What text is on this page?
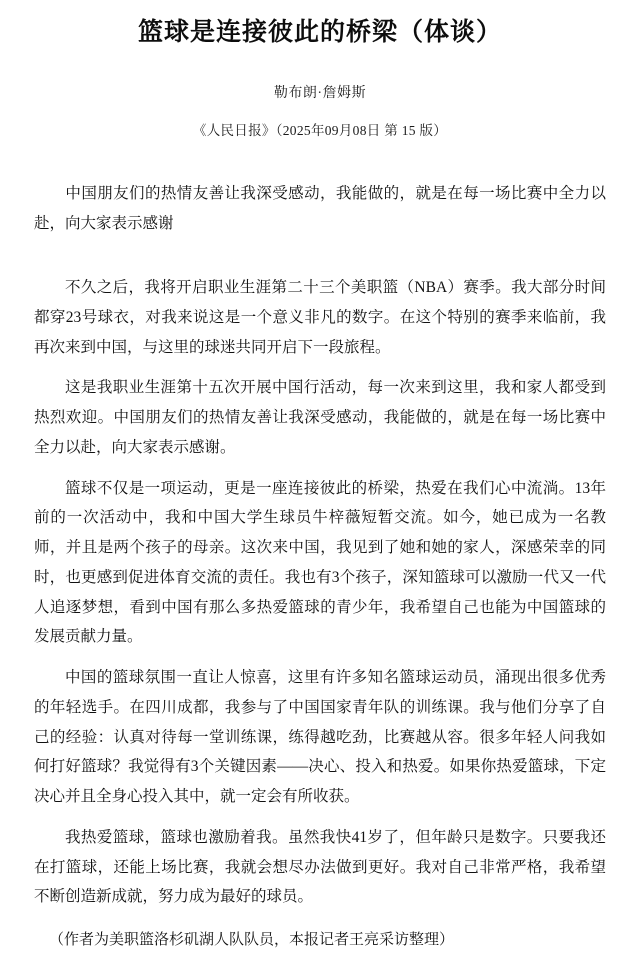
篮球是连接彼此的桥梁（体谈）
勒布朗·詹姆斯
《人民日报》（2025年09月08日 第 15 版）
中国朋友们的热情友善让我深受感动，我能做的，就是在每一场比赛中全力以赴，向大家表示感谢

不久之后，我将开启职业生涯第二十三个美职篮（NBA）赛季。我大部分时间都穿23号球衣，对我来说这是一个意义非凡的数字。在这个特别的赛季来临前，我再次来到中国，与这里的球迷共同开启下一段旅程。

这是我职业生涯第十五次开展中国行活动，每一次来到这里，我和家人都受到热烈欢迎。中国朋友们的热情友善让我深受感动，我能做的，就是在每一场比赛中全力以赴，向大家表示感谢。

篮球不仅是一项运动，更是一座连接彼此的桥梁，热爱在我们心中流淌。13年前的一次活动中，我和中国大学生球员牛梓薇短暂交流。如今，她已成为一名教师，并且是两个孩子的母亲。这次来中国，我见到了她和她的家人，深感荣幸的同时，也更感到促进体育交流的责任。我也有3个孩子，深知篮球可以激励一代又一代人追逐梦想，看到中国有那么多热爱篮球的青少年，我希望自己也能为中国篮球的发展贡献力量。

中国的篮球氛围一直让人惊喜，这里有许多知名篮球运动员，涌现出很多优秀的年轻选手。在四川成都，我参与了中国国家青年队的训练课。我与他们分享了自己的经验：认真对待每一堂训练课，练得越吃劲，比赛越从容。很多年轻人问我如何打好篮球？我觉得有3个关键因素——决心、投入和热爱。如果你热爱篮球，下定决心并且全身心投入其中，就一定会有所收获。

我热爱篮球，篮球也激励着我。虽然我快41岁了，但年龄只是数字。只要我还在打篮球，还能上场比赛，我就会想尽办法做到更好。我对自己非常严格，我希望不断创造新成就，努力成为最好的球员。

（作者为美职篮洛杉矶湖人队队员，本报记者王亮采访整理）
